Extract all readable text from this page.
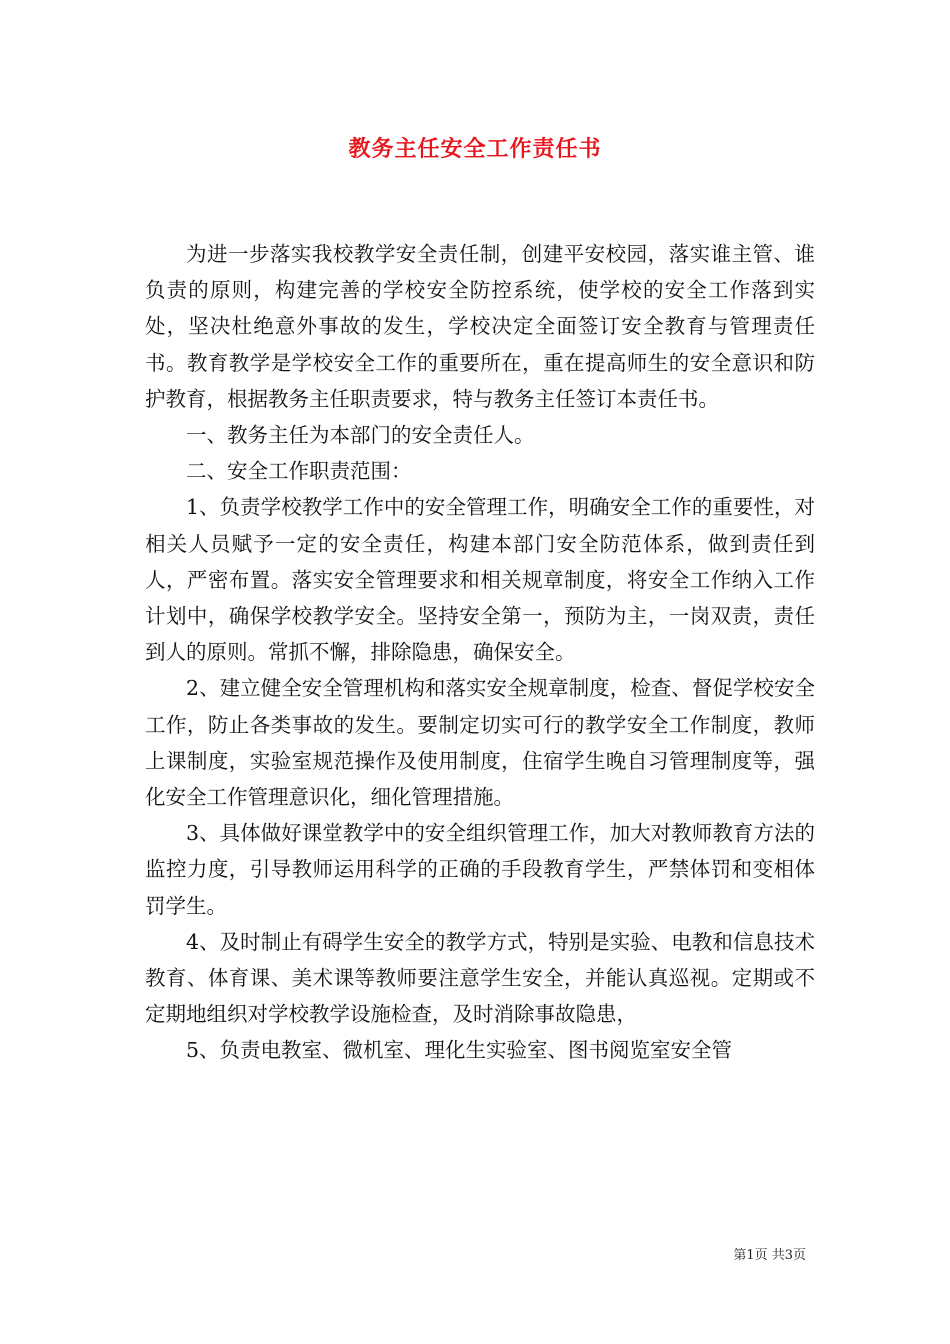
教务主任安全工作责任书

为进一步落实我校教学安全责任制，创建平安校园，落实谁主管、谁负责的原则，构建完善的学校安全防控系统，使学校的安全工作落到实处，坚决杜绝意外事故的发生，学校决定全面签订安全教育与管理责任书。教育教学是学校安全工作的重要所在，重在提高师生的安全意识和防护教育，根据教务主任职责要求，特与教务主任签订本责任书。

一、教务主任为本部门的安全责任人。

二、安全工作职责范围：

1、负责学校教学工作中的安全管理工作，明确安全工作的重要性，对相关人员赋予一定的安全责任，构建本部门安全防范体系，做到责任到人，严密布置。落实安全管理要求和相关规章制度，将安全工作纳入工作计划中，确保学校教学安全。坚持安全第一，预防为主，一岗双责，责任到人的原则。常抓不懈，排除隐患，确保安全。

2、建立健全安全管理机构和落实安全规章制度，检查、督促学校安全工作，防止各类事故的发生。要制定切实可行的教学安全工作制度，教师上课制度，实验室规范操作及使用制度，住宿学生晚自习管理制度等，强化安全工作管理意识化，细化管理措施。

3、具体做好课堂教学中的安全组织管理工作，加大对教师教育方法的监控力度，引导教师运用科学的正确的手段教育学生，严禁体罚和变相体罚学生。

4、及时制止有碍学生安全的教学方式，特别是实验、电教和信息技术教育、体育课、美术课等教师要注意学生安全，并能认真巡视。定期或不定期地组织对学校教学设施检查，及时消除事故隐患，

5、负责电教室、微机室、理化生实验室、图书阅览室安全管

第1页 共3页
